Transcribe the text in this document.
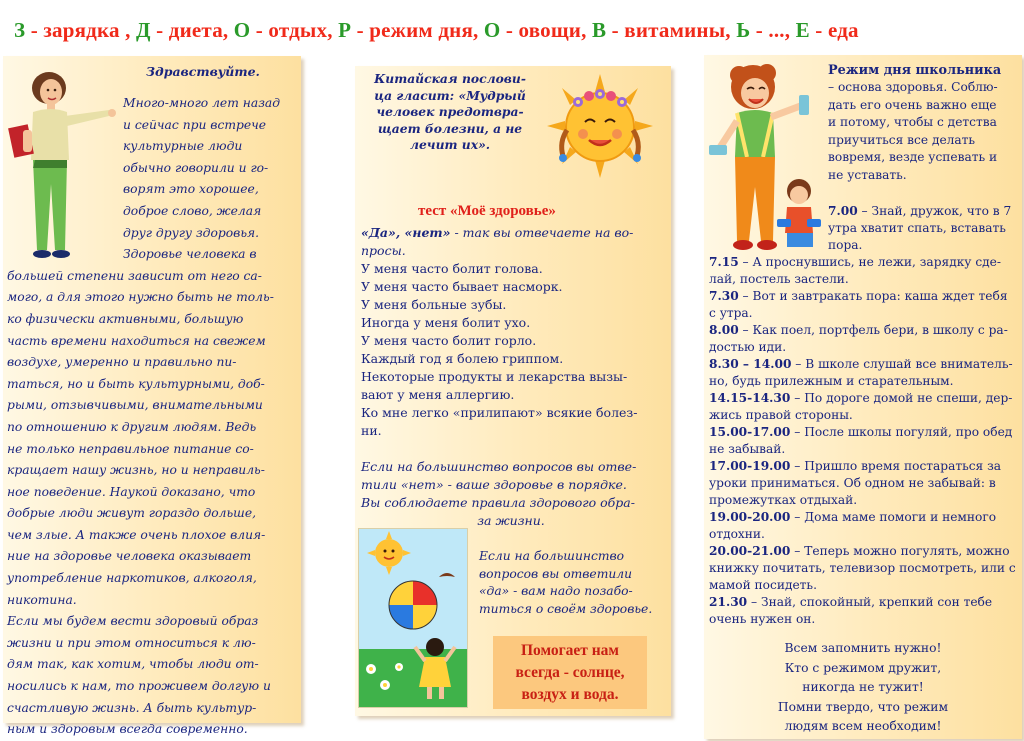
З - зарядка , Д - диета, О - отдых, Р - режим дня, О - овощи, В - витамины, Ь - ..., Е - еда
Здравствуйте.

Много-много лет назад

и сейчас при встрече

культурные люди

обычно говорили и го-

ворят это хорошее,

доброе слово, желая

друг другу здоровья.

Здоровье человека в

большей степени зависит от него са-

мого, а для этого нужно быть не толь-

ко физически активными, большую

часть времени находиться на свежем

воздухе, умеренно и правильно пи-

таться, но и быть культурными, доб-

рыми, отзывчивыми, внимательными

по отношению к другим людям. Ведь

не только неправильное питание со-

кращает нашу жизнь, но и неправиль-

ное поведение. Наукой доказано, что

добрые люди живут гораздо дольше,

чем злые. А также очень плохое влия-

ние на здоровье человека оказывает

употребление наркотиков, алкоголя,

никотина.

Если мы будем вести здоровый образ

жизни и при этом относиться к лю-

дям так, как хотим, чтобы люди от-

носились к нам, то проживем долгую и

счастливую жизнь. А быть культур-

ным и здоровым всегда современно.

Китайская послови-
ца гласит: «Мудрый
человек предотвра-
щает болезни, а не
лечит их».
тест «Моё здоровье»

«Да», «нет» - так вы отвечаете на во-

просы.

У меня часто болит голова.

У меня часто бывает насморк.

У меня больные зубы.

Иногда у меня болит ухо.

У меня часто болит горло.

Каждый год я болею гриппом.

Некоторые продукты и лекарства вызы-

вают у меня аллергию.

Ко мне легко «прилипают» всякие болез-

ни.

Если на большинство вопросов вы отве-

тили «нет» - ваше здоровье в порядке.

Вы соблюдаете правила здорового обра-

за жизни.

Если на большинство
вопросов вы ответили
«да» - вам надо позабо-
титься о своём здоровье.
Помогает нам
всегда - солнце,
воздух и вода.
Режим дня школьника
– основа здоровья. Соблю-
дать его очень важно еще
и потому, чтобы с детства
приучиться все делать
вовремя, везде успевать и
не уставать.

7.00 – Знай, дружок, что в 7

утра хватит спать, вставать

пора.

7.15 – А проснувшись, не лежи, зарядку сде-

лай, постель застели.

7.30 – Вот и завтракать пора: каша ждет тебя

с утра.

8.00 – Как поел, портфель бери, в школу с ра-

достью иди.

8.30 – 14.00 – В школе слушай все вниматель-

но, будь прилежным и старательным.

14.15-14.30 – По дороге домой не спеши, дер-

жись правой стороны.

15.00-17.00 – После школы погуляй, про обед

не забывай.

17.00-19.00 – Пришло время постараться за

уроки приниматься. Об одном не забывай: в

промежутках отдыхай.

19.00-20.00 – Дома маме помоги и немного

отдохни.

20.00-21.00 – Теперь можно погулять, можно

книжку почитать, телевизор посмотреть, или с

мамой посидеть.

21.30 – Знай, спокойный, крепкий сон тебе

очень нужен он.

Всем запомнить нужно!
Кто с режимом дружит,
никогда не тужит!
Помни твердо, что режим
людям всем необходим!
